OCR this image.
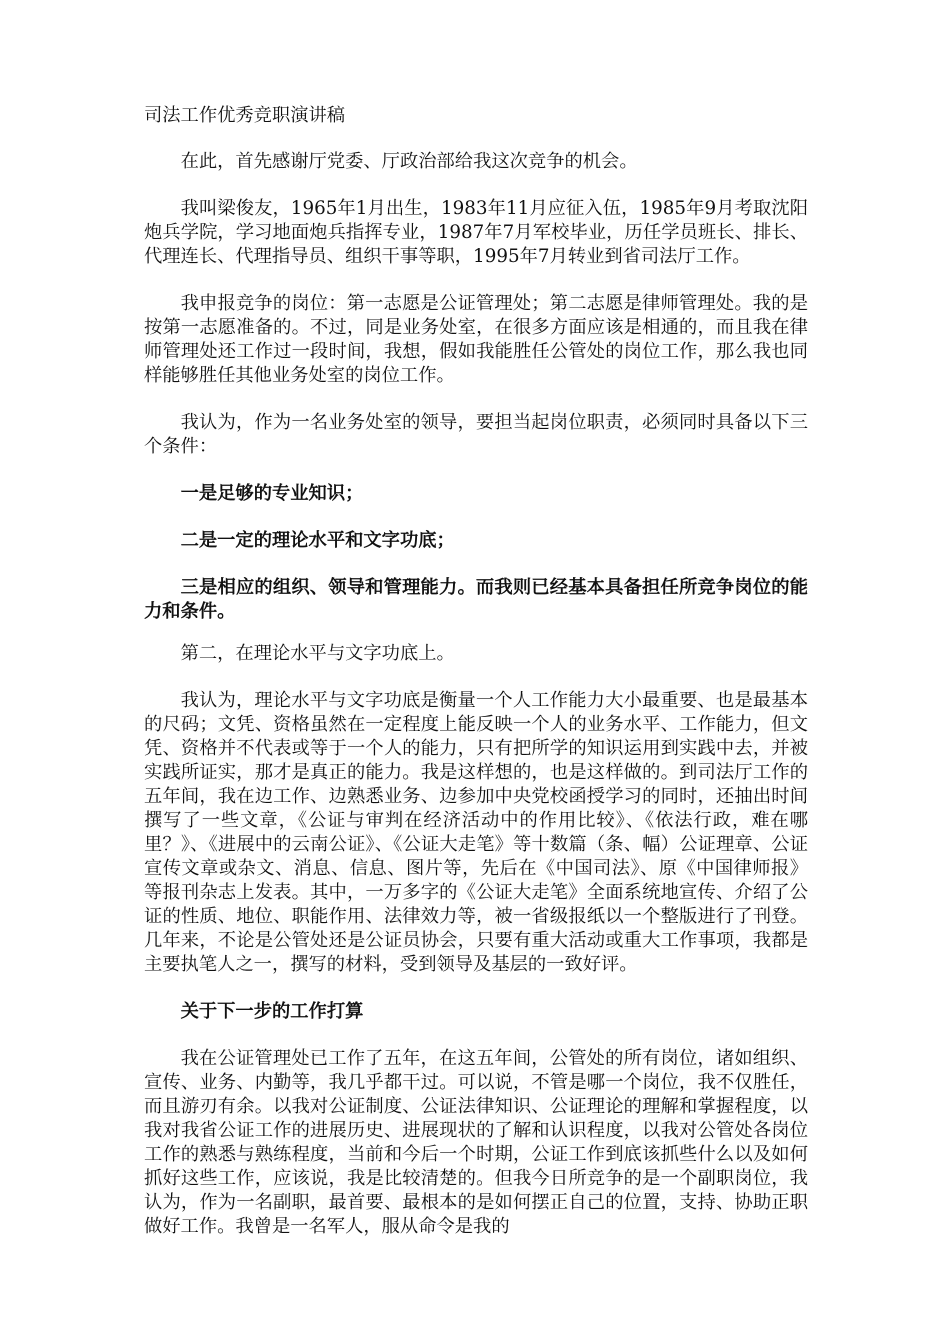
司法工作优秀竞职演讲稿

在此，首先感谢厅党委、厅政治部给我这次竞争的机会。

我叫梁俊友，1965年1月出生，1983年11月应征入伍，1985年9月考取沈阳炮兵学院，学习地面炮兵指挥专业，1987年7月军校毕业，历任学员班长、排长、代理连长、代理指导员、组织干事等职，1995年7月转业到省司法厅工作。

我申报竞争的岗位：第一志愿是公证管理处；第二志愿是律师管理处。我的是按第一志愿准备的。不过，同是业务处室，在很多方面应该是相通的，而且我在律师管理处还工作过一段时间，我想，假如我能胜任公管处的岗位工作，那么我也同样能够胜任其他业务处室的岗位工作。

我认为，作为一名业务处室的领导，要担当起岗位职责，必须同时具备以下三个条件：

一是足够的专业知识；

二是一定的理论水平和文字功底；

三是相应的组织、领导和管理能力。而我则已经基本具备担任所竞争岗位的能力和条件。

第二，在理论水平与文字功底上。

我认为，理论水平与文字功底是衡量一个人工作能力大小最重要、也是最基本的尺码；文凭、资格虽然在一定程度上能反映一个人的业务水平、工作能力，但文凭、资格并不代表或等于一个人的能力，只有把所学的知识运用到实践中去，并被实践所证实，那才是真正的能力。我是这样想的，也是这样做的。到司法厅工作的五年间，我在边工作、边熟悉业务、边参加中央党校函授学习的同时，还抽出时间撰写了一些文章，《公证与审判在经济活动中的作用比较》、《依法行政，难在哪里？》、《进展中的云南公证》、《公证大走笔》等十数篇（条、幅）公证理章、公证宣传文章或杂文、消息、信息、图片等，先后在《中国司法》、原《中国律师报》等报刊杂志上发表。其中，一万多字的《公证大走笔》全面系统地宣传、介绍了公证的性质、地位、职能作用、法律效力等，被一省级报纸以一个整版进行了刊登。几年来，不论是公管处还是公证员协会，只要有重大活动或重大工作事项，我都是主要执笔人之一，撰写的材料，受到领导及基层的一致好评。

关于下一步的工作打算

我在公证管理处已工作了五年，在这五年间，公管处的所有岗位，诸如组织、宣传、业务、内勤等，我几乎都干过。可以说，不管是哪一个岗位，我不仅胜任，而且游刃有余。以我对公证制度、公证法律知识、公证理论的理解和掌握程度，以我对我省公证工作的进展历史、进展现状的了解和认识程度，以我对公管处各岗位工作的熟悉与熟练程度，当前和今后一个时期，公证工作到底该抓些什么以及如何抓好这些工作，应该说，我是比较清楚的。但我今日所竞争的是一个副职岗位，我认为，作为一名副职，最首要、最根本的是如何摆正自己的位置，支持、协助正职做好工作。我曾是一名军人，服从命令是我的
